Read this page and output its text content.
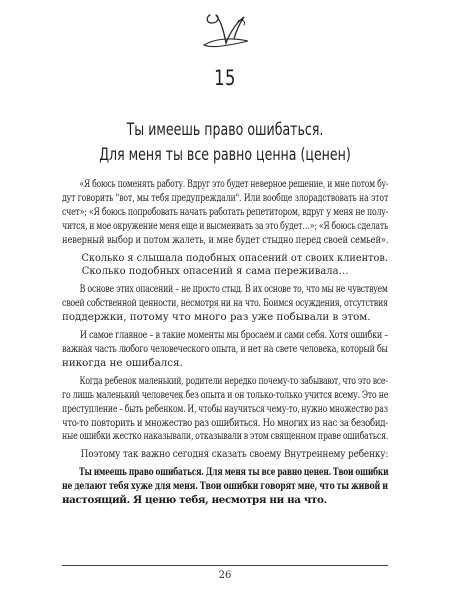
15
Ты имеешь право ошибаться.
Для меня ты все равно ценна (ценен)
«Я боюсь поменять работу. Вдруг это будет неверное решение, и мне потом бу- дут говорить "вот, мы тебя предупреждали". Или вообще злорадствовать на этот счет»; «Я боюсь попробовать начать работать репетитором, вдруг у меня не полу- чится, и мое окружение меня еще и высмеивать за это будет…»; «Я боюсь сделать неверный выбор и потом жалеть, и мне будет стыдно перед своей семьей».
Сколько я слышала подобных опасений от своих клиентов.
Сколько подобных опасений я сама переживала…
В основе этих опасений – не просто стыд. В их основе то, что мы не чувствуем своей собственной ценности, несмотря ни на что. Боимся осуждения, отсутствия
поддержки, потому что много раз уже побывали в этом.
И самое главное – в такие моменты мы бросаем и сами себя. Хотя ошибки – важная часть любого человеческого опыта, и нет на свете человека, который бы
никогда не ошибался.
Когда ребенок маленький, родители нередко почему-то забывают, что это все- го лишь маленький человечек без опыта и он только-только учится всему. Это не преступление – быть ребенком. И, чтобы научиться чему-то, нужно множество раз что-то повторить и множество раз ошибиться. Но многих из нас за безобид- ные ошибки жестко наказывали, отказывали в этом священном праве ошибаться.
Поэтому так важно сегодня сказать своему Внутреннему ребенку:
Ты имеешь право ошибаться. Для меня ты все равно ценен. Твои ошибки не делают тебя хуже для меня. Твои ошибки говорят мне, что ты живой и
настоящий. Я ценю тебя, несмотря ни на что.
26
